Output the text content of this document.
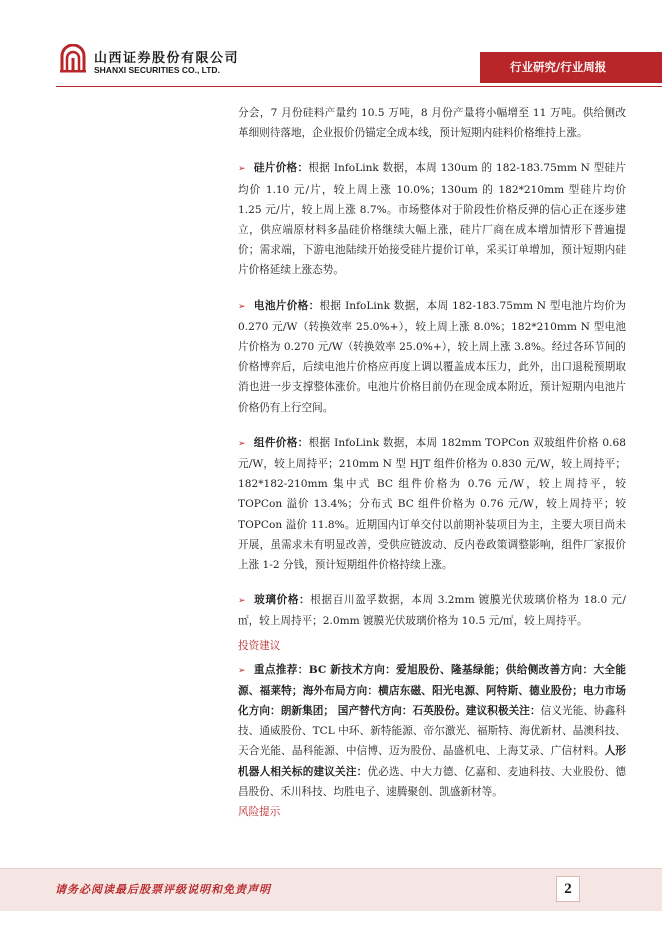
山西证券股份有限公司
SHANXI SECURITIES CO., LTD.	行业研究/行业周报

分会，7 月份硅料产量约 10.5 万吨，8 月份产量将小幅增至 11 万吨。供给侧改革细则待落地，企业报价仍锚定全成本线，预计短期内硅料价格维持上涨。

➢ 硅片价格：根据 InfoLink 数据，本周 130um 的 182-183.75mm N 型硅片均价 1.10 元/片，较上周上涨 10.0%；130um 的 182*210mm 型硅片均价 1.25 元/片，较上周上涨 8.7%。市场整体对于阶段性价格反弹的信心正在逐步建立，供应端原材料多晶硅价格继续大幅上涨，硅片厂商在成本增加情形下普遍提价；需求端，下游电池陆续开始接受硅片提价订单，采买订单增加，预计短期内硅片价格延续上涨态势。

➢ 电池片价格：根据 InfoLink 数据，本周 182-183.75mm N 型电池片均价为 0.270 元/W（转换效率 25.0%+），较上周上涨 8.0%；182*210mm N 型电池片价格为 0.270 元/W（转换效率 25.0%+），较上周上涨 3.8%。经过各环节间的价格博弈后，后续电池片价格应再度上调以覆盖成本压力，此外，出口退税预期取消也进一步支撑整体涨价。电池片价格目前仍在现金成本附近，预计短期内电池片价格仍有上行空间。

➢ 组件价格：根据 InfoLink 数据，本周 182mm TOPCon 双玻组件价格 0.68 元/W，较上周持平；210mm N 型 HJT 组件价格为 0.830 元/W，较上周持平；182*182-210mm 集中式 BC 组件价格为 0.76 元/W，较上周持平，较 TOPCon 溢价 13.4%；分布式 BC 组件价格为 0.76 元/W，较上周持平；较 TOPCon 溢价 11.8%。近期国内订单交付以前期补装项目为主，主要大项目尚未开展，虽需求未有明显改善，受供应链波动、反内卷政策调整影响，组件厂家报价上涨 1-2 分钱，预计短期组件价格持续上涨。

➢ 玻璃价格：根据百川盈孚数据，本周 3.2mm 镀膜光伏玻璃价格为 18.0 元/㎡，较上周持平；2.0mm 镀膜光伏玻璃价格为 10.5 元/㎡，较上周持平。

投资建议

➢ 重点推荐：BC 新技术方向：爱旭股份、隆基绿能；供给侧改善方向：大全能源、福莱特；海外布局方向：横店东磁、阳光电源、阿特斯、德业股份；电力市场化方向：朗新集团； 国产替代方向：石英股份。建议积极关注：信义光能、协鑫科技、通威股份、TCL 中环、新特能源、帝尔激光、福斯特、海优新材、晶澳科技、天合光能、晶科能源、中信博、迈为股份、晶盛机电、上海艾录、广信材料。人形机器人相关标的建议关注：优必选、中大力德、亿嘉和、麦迪科技、大业股份、德昌股份、禾川科技、均胜电子、速腾聚创、凯盛新材等。

风险提示

请务必阅读最后股票评级说明和免责声明	2
